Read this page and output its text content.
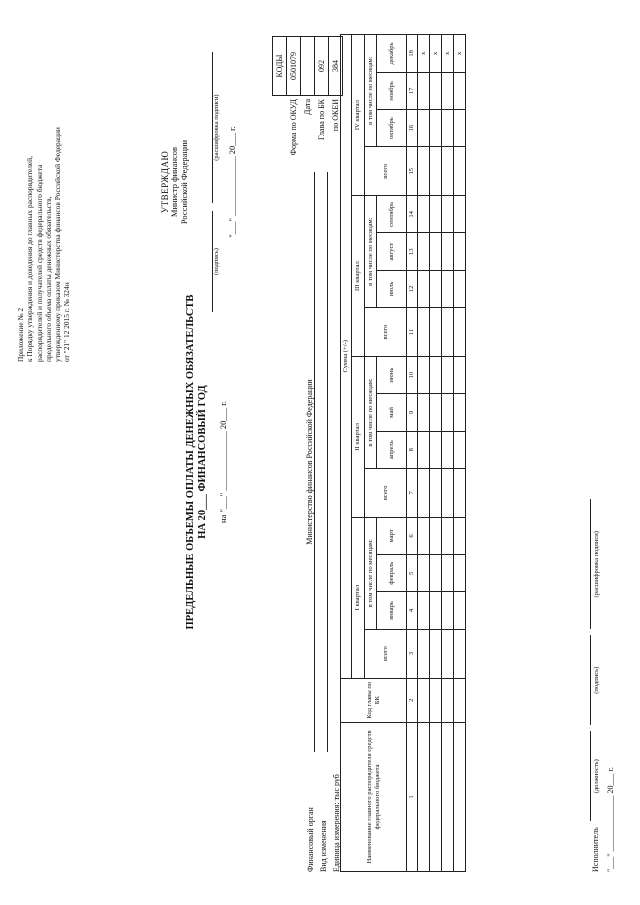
Приложение № 2 к Порядку утверждения и доведения до главных распорядителей, распорядителей и получателей средств федерального бюджета предельного объема оплаты денежных обязательств, утвержденному приказом Министерства финансов Российской Федерации от "21" 12 2015 г. № 324н
УТВЕРЖДАЮ Министр финансов Российской Федерации
(подпись)
(расшифровка подписи) "___" ______________ 20___ г.
ПРЕДЕЛЬНЫЕ ОБЪЕМЫ ОПЛАТЫ ДЕНЕЖНЫХ ОБЯЗАТЕЛЬСТВ НА 20___ ФИНАНСОВЫЙ ГОД на "___" ______________ 20___ г.
	КОДЫ
Форма по ОКУД	0501079
Дата	
Глава по БК	092
по ОКЕИ	384
Финансовый орган
Министерство финансов Российской Федерации
Вид изменения Единица измерения: тыс руб	Наименование главного распорядителя средств федерального бюджета	Код главы по БК	Сумма (+/-)															
		I квартал				II квартал				III квартал				IV квартал			
		всего	в том числе по месяцам:			всего	в том числе по месяцам:			всего	в том числе по месяцам:			всего	в том числе по месяцам:		
			январь	февраль	март		апрель	май	июнь		июль	август	сентябрь		октябрь	ноябрь	декабрь
1	2	3	4	5	6	7	8	9	10	11	12	13	14	15	16	17	18
																	x
																	x
																	x
																	x
Исполнитель
(должность)
(подпись)
(расшифровка подписи)
"___" ______________ 20___ г.
